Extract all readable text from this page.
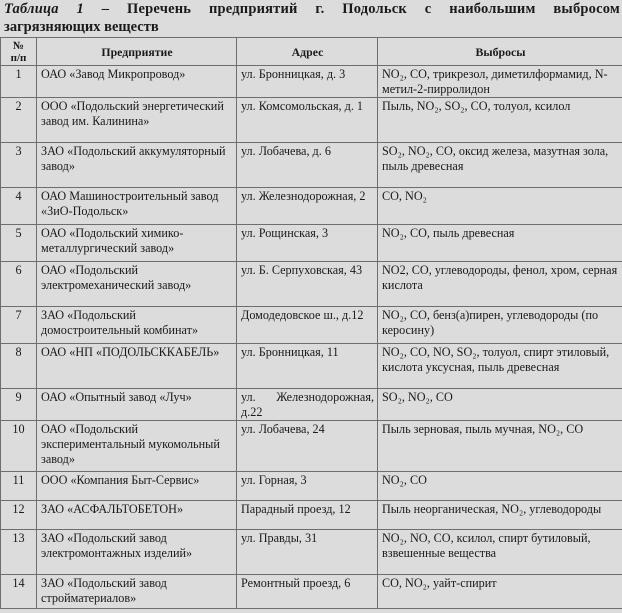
Таблица 1 – Перечень предприятий г. Подольск с наибольшим выбросом
загрязняющих веществ
№
п/п	Предприятие	Адрес	Выбросы
1	ОАО «Завод Микропровод»	ул. Бронницкая, д. 3	NO₂, CO, трикрезол, диметилформамид, N-метил-2-пирролидон
2	ООО «Подольский энергетический завод им. Калинина»	ул. Комсомольская, д. 1	Пыль, NO₂, SO₂, CO, толуол, ксилол
3	ЗАО «Подольский аккумуляторный завод»	ул. Лобачева, д. 6	SO₂, NO₂, CO, оксид железа, мазутная зола, пыль древесная
4	ОАО Машиностроительный завод «ЗиО-Подольск»	ул. Железнодорожная, 2	CO, NO₂
5	ОАО «Подольский химико-металлургический завод»	ул. Рощинская, 3	NO₂, CO, пыль древесная
6	ОАО «Подольский электромеханический завод»	ул. Б. Серпуховская, 43	NO2, CO, углеводороды, фенол, хром, серная кислота
7	ЗАО «Подольский домостроительный комбинат»	Домодедовское ш., д.12	NO₂, CO, бенз(а)пирен, углеводороды (по керосину)
8	ОАО «НП «ПОДОЛЬСККАБЕЛЬ»	ул. Бронницкая, 11	NO₂, CO, NO, SO₂, толуол, спирт этиловый, кислота уксусная, пыль древесная
9	ОАО «Опытный завод «Луч»	ул. Железнодорожная, д.22	SO₂, NO₂, CO
10	ОАО «Подольский экспериментальный мукомольный завод»	ул. Лобачева, 24	Пыль зерновая, пыль мучная, NO₂, CO
11	ООО «Компания Быт-Сервис»	ул. Горная, 3	NO₂, CO
12	ЗАО «АСФАЛЬТОБЕТОН»	Парадный проезд, 12	Пыль неорганическая, NO₂, углеводороды
13	ЗАО «Подольский завод электромонтажных изделий»	ул. Правды, 31	NO₂, NO, CO, ксилол, спирт бутиловый, взвешенные вещества
14	ЗАО «Подольский завод стройматериалов»	Ремонтный проезд, 6	CO, NO₂, уайт-спирит
